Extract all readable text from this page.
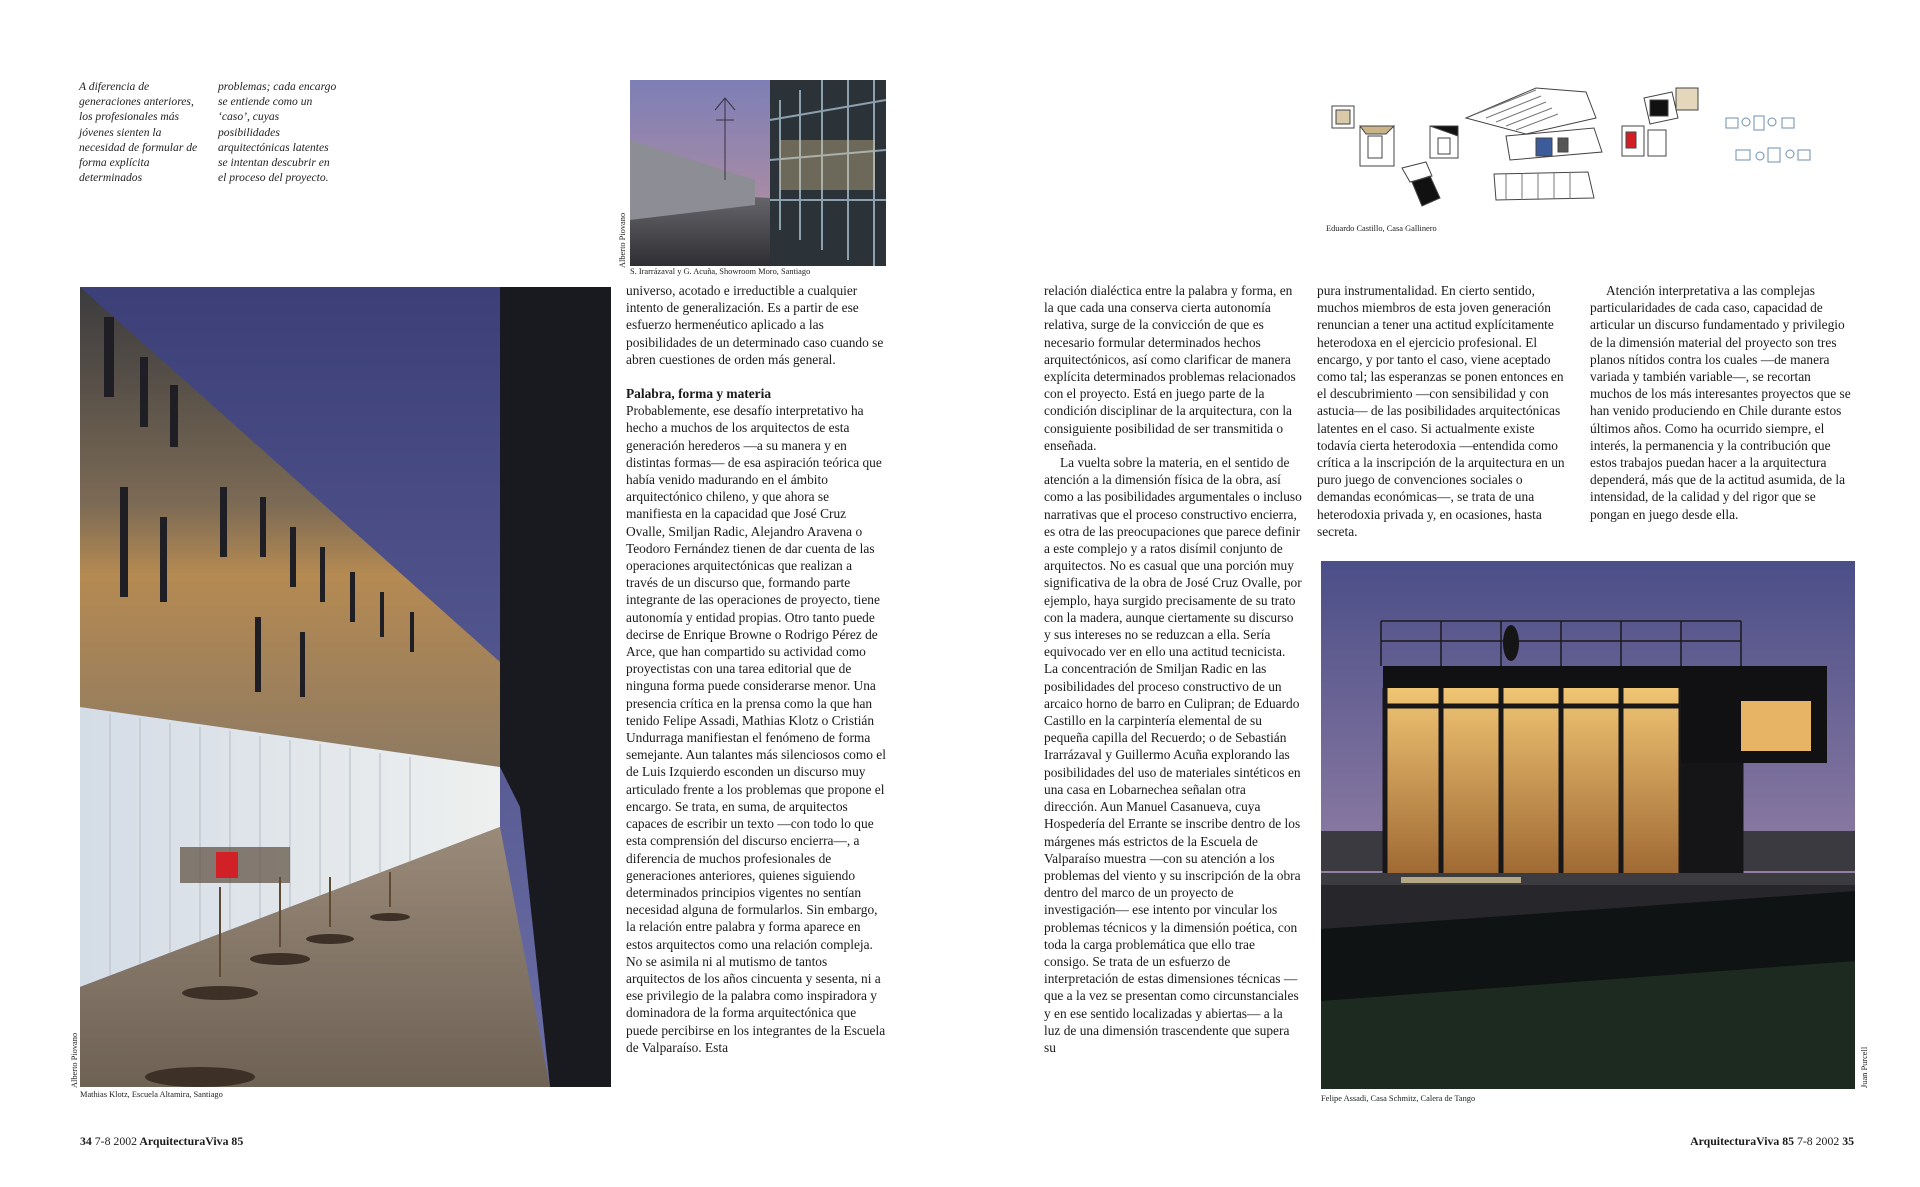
A diferencia de generaciones anteriores, los profesionales más jóvenes sienten la necesidad de formular de forma explícita determinados
problemas; cada encargo se entiende como un ‘caso’, cuyas posibilidades arquitectónicas latentes se intentan descubrir en el proceso del proyecto.
Alberto Piovano
S. Irarrázaval y G. Acuña, Showroom Moro, Santiago
Alberto Piovano
Mathias Klotz, Escuela Altamira, Santiago

universo, acotado e irreductible a cualquier intento de generalización. Es a partir de ese esfuerzo hermenéutico aplicado a las posibilidades de un determinado caso cuando se abren cuestiones de orden más general.

Palabra, forma y materia

Probablemente, ese desafío interpretativo ha hecho a muchos de los arquitectos de esta generación herederos —a su manera y en distintas formas— de esa aspiración teórica que había venido madurando en el ámbito arquitectónico chileno, y que ahora se manifiesta en la capacidad que José Cruz Ovalle, Smiljan Radic, Alejandro Aravena o Teodoro Fernández tienen de dar cuenta de las operaciones arquitectónicas que realizan a través de un discurso que, formando parte integrante de las operaciones de proyecto, tiene autonomía y entidad propias. Otro tanto puede decirse de Enrique Browne o Rodrigo Pérez de Arce, que han compartido su actividad como proyectistas con una tarea editorial que de ninguna forma puede considerarse menor. Una presencia crítica en la prensa como la que han tenido Felipe Assadi, Mathias Klotz o Cristián Undurraga manifiestan el fenómeno de forma semejante. Aun talantes más silenciosos como el de Luis Izquierdo esconden un discurso muy articulado frente a los problemas que propone el encargo. Se trata, en suma, de arquitectos capaces de escribir un texto —con todo lo que esta comprensión del discurso encierra—, a diferencia de muchos profesionales de generaciones anteriores, quienes siguiendo determinados principios vigentes no sentían necesidad alguna de formularlos. Sin embargo, la relación entre palabra y forma aparece en estos arquitectos como una relación compleja. No se asimila ni al mutismo de tantos arquitectos de los años cincuenta y sesenta, ni a ese privilegio de la palabra como inspiradora y dominadora de la forma arquitectónica que puede percibirse en los integrantes de la Escuela de Valparaíso. Esta

relación dialéctica entre la palabra y forma, en la que cada una conserva cierta autonomía relativa, surge de la convicción de que es necesario formular determinados hechos arquitectónicos, así como clarificar de manera explícita determinados problemas relacionados con el proyecto. Está en juego parte de la condición disciplinar de la arquitectura, con la consiguiente posibilidad de ser transmitida o enseñada.

La vuelta sobre la materia, en el sentido de atención a la dimensión física de la obra, así como a las posibilidades argumentales o incluso narrativas que el proceso constructivo encierra, es otra de las preocupaciones que parece definir a este complejo y a ratos disímil conjunto de arquitectos. No es casual que una porción muy significativa de la obra de José Cruz Ovalle, por ejemplo, haya surgido precisamente de su trato con la madera, aunque ciertamente su discurso y sus intereses no se reduzcan a ella. Sería equivocado ver en ello una actitud tecnicista. La concentración de Smiljan Radic en las posibilidades del proceso constructivo de un arcaico horno de barro en Culipran; de Eduardo Castillo en la carpintería elemental de su pequeña capilla del Recuerdo; o de Sebastián Irarrázaval y Guillermo Acuña explorando las posibilidades del uso de materiales sintéticos en una casa en Lobarnechea señalan otra dirección. Aun Manuel Casanueva, cuya Hospedería del Errante se inscribe dentro de los márgenes más estrictos de la Escuela de Valparaíso muestra —con su atención a los problemas del viento y su inscripción de la obra dentro del marco de un proyecto de investigación— ese intento por vincular los problemas técnicos y la dimensión poética, con toda la carga problemática que ello trae consigo. Se trata de un esfuerzo de interpretación de estas dimensiones técnicas —que a la vez se presentan como circunstanciales y en ese sentido localizadas y abiertas— a la luz de una dimensión trascendente que supera su

pura instrumentalidad. En cierto sentido, muchos miembros de esta joven generación renuncian a tener una actitud explícitamente heterodoxa en el ejercicio profesional. El encargo, y por tanto el caso, viene aceptado como tal; las esperanzas se ponen entonces en el descubrimiento —con sensibilidad y con astucia— de las posibilidades arquitectónicas latentes en el caso. Si actualmente existe todavía cierta heterodoxia —entendida como crítica a la inscripción de la arquitectura en un puro juego de convenciones sociales o demandas económicas—, se trata de una heterodoxia privada y, en ocasiones, hasta secreta.

Atención interpretativa a las complejas particularidades de cada caso, capacidad de articular un discurso fundamentado y privilegio de la dimensión material del proyecto son tres planos nítidos contra los cuales —de manera variada y también variable—, se recortan muchos de los más interesantes proyectos que se han venido produciendo en Chile durante estos últimos años. Como ha ocurrido siempre, el interés, la permanencia y la contribución que estos trabajos puedan hacer a la arquitectura dependerá, más que de la actitud asumida, de la intensidad, de la calidad y del rigor que se pongan en juego desde ella.

Eduardo Castillo, Casa Gallinero
Juan Purcell
Felipe Assadi, Casa Schmitz, Calera de Tango
34 7-8 2002 ArquitecturaViva 85	ArquitecturaViva 85 7-8 2002 35
